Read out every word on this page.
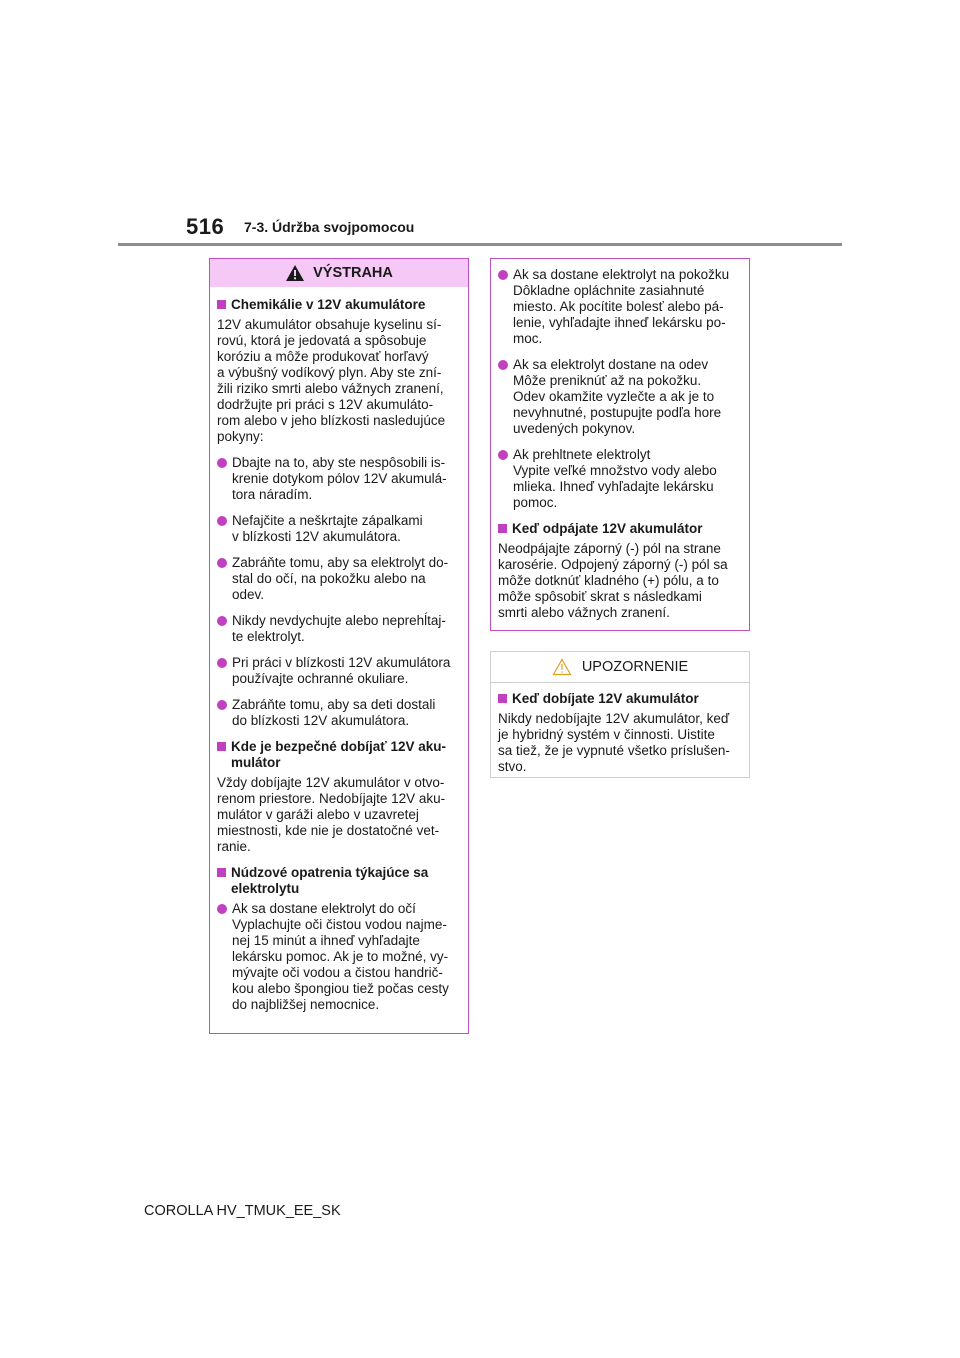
516 7-3. Údržba svojpomocou
VÝSTRAHA
Chemikálie v 12V akumulátore
12V akumulátor obsahuje kyselinu sí-
rovú, ktorá je jedovatá a spôsobuje
koróziu a môže produkovať horľavý
a výbušný vodíkový plyn. Aby ste zní-
žili riziko smrti alebo vážnych zranení,
dodržujte pri práci s 12V akumuláto-
rom alebo v jeho blízkosti nasledujúce
pokyny:
Dbajte na to, aby ste nespôsobili is-
krenie dotykom pólov 12V akumulá-
tora náradím.
Nefajčite a neškrtajte zápalkami
v blízkosti 12V akumulátora.
Zabráňte tomu, aby sa elektrolyt do-
stal do očí, na pokožku alebo na
odev.
Nikdy nevdychujte alebo neprehĺtaj-
te elektrolyt.
Pri práci v blízkosti 12V akumulátora
používajte ochranné okuliare.
Zabráňte tomu, aby sa deti dostali
do blízkosti 12V akumulátora.
Kde je bezpečné dobíjať 12V aku-
mulátor
Vždy dobíjajte 12V akumulátor v otvo-
renom priestore. Nedobíjajte 12V aku-
mulátor v garáži alebo v uzavretej
miestnosti, kde nie je dostatočné vet-
ranie.
Núdzové opatrenia týkajúce sa
elektrolytu
Ak sa dostane elektrolyt do očí
Vyplachujte oči čistou vodou najme-
nej 15 minút a ihneď vyhľadajte
lekársku pomoc. Ak je to možné, vy-
mývajte oči vodou a čistou handrič-
kou alebo špongiou tiež počas cesty
do najbližšej nemocnice.
Ak sa dostane elektrolyt na pokožku
Dôkladne opláchnite zasiahnuté
miesto. Ak pocítite bolesť alebo pá-
lenie, vyhľadajte ihneď lekársku po-
moc.
Ak sa elektrolyt dostane na odev
Môže preniknúť až na pokožku.
Odev okamžite vyzlečte a ak je to
nevyhnutné, postupujte podľa hore
uvedených pokynov.
Ak prehltnete elektrolyt
Vypite veľké množstvo vody alebo
mlieka. Ihneď vyhľadajte lekársku
pomoc.
Keď odpájate 12V akumulátor
Neodpájajte záporný (-) pól na strane
karosérie. Odpojený záporný (-) pól sa
môže dotknúť kladného (+) pólu, a to
môže spôsobiť skrat s následkami
smrti alebo vážnych zranení.
UPOZORNENIE
Keď dobíjate 12V akumulátor
Nikdy nedobíjajte 12V akumulátor, keď
je hybridný systém v činnosti. Uistite
sa tiež, že je vypnuté všetko príslušen-
stvo.
COROLLA HV_TMUK_EE_SK
